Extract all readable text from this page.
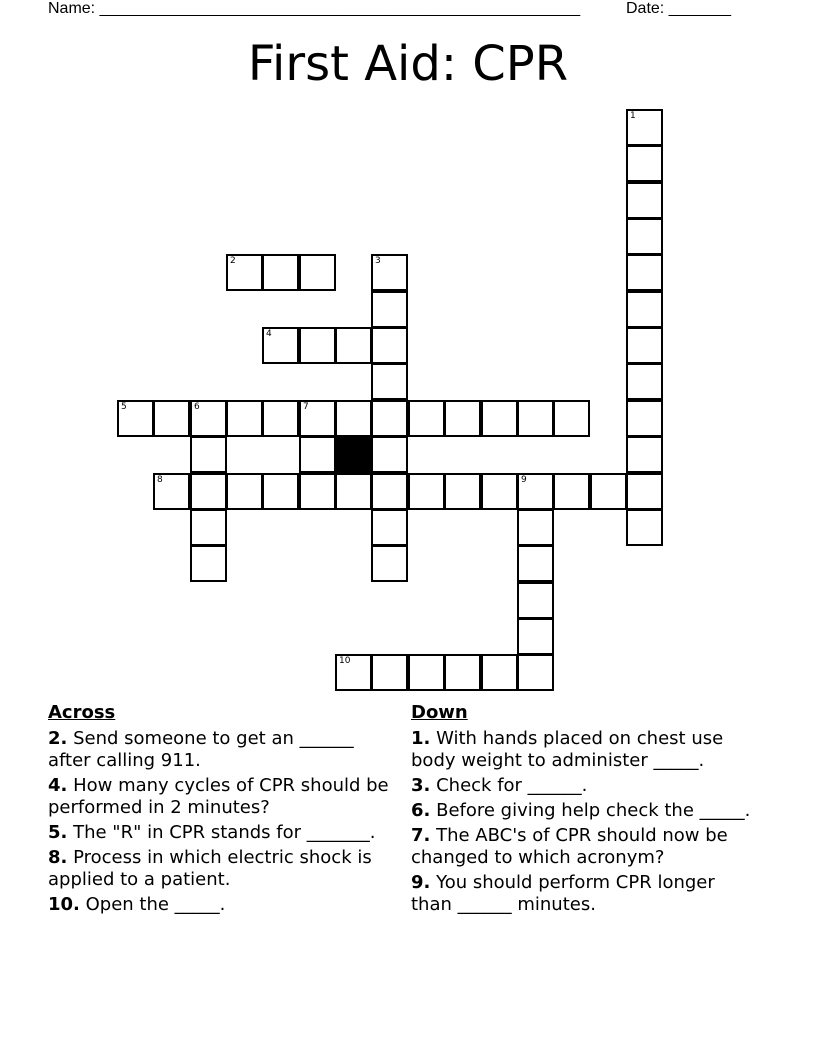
Name: ______________________________________________________	Date: _______
First Aid: CPR
1
2	3
4
5	6	7
8	9
10
Across
2. Send someone to get an ______ after calling 911.
4. How many cycles of CPR should be performed in 2 minutes?
5. The "R" in CPR stands for _______.
8. Process in which electric shock is applied to a patient.
10. Open the _____.
Down
1. With hands placed on chest use body weight to administer _____.
3. Check for ______.
6. Before giving help check the _____.
7. The ABC's of CPR should now be changed to which acronym?
9. You should perform CPR longer than ______ minutes.
